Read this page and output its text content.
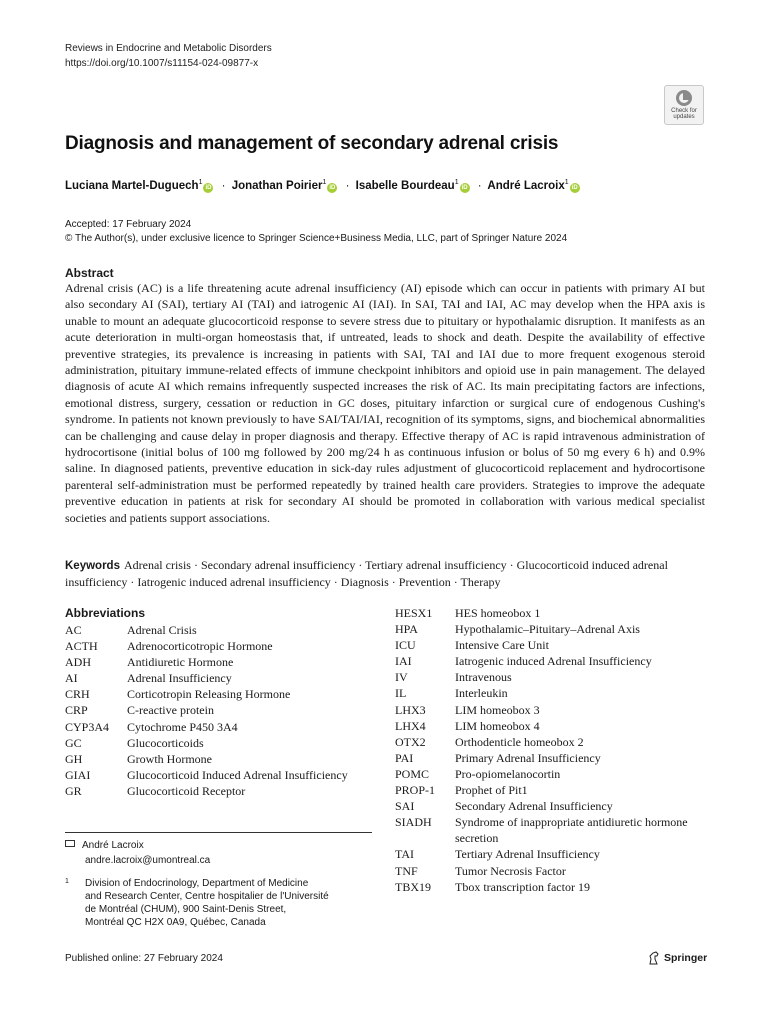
Reviews in Endocrine and Metabolic Disorders
https://doi.org/10.1007/s11154-024-09877-x
Check for
updates
Diagnosis and management of secondary adrenal crisis
Luciana Martel-Duguech$^1$iD · Jonathan Poirier$^1$iD · Isabelle Bourdeau$^1$iD · André Lacroix$^1$iD
Accepted: 17 February 2024
© The Author(s), under exclusive licence to Springer Science+Business Media, LLC, part of Springer Nature 2024
Abstract

Adrenal crisis (AC) is a life threatening acute adrenal insufficiency (AI) episode which can occur in patients with primary AI but also secondary AI (SAI), tertiary AI (TAI) and iatrogenic AI (IAI). In SAI, TAI and IAI, AC may develop when the HPA axis is unable to mount an adequate glucocorticoid response to severe stress due to pituitary or hypothalamic disruption. It manifests as an acute deterioration in multi-organ homeostasis that, if untreated, leads to shock and death. Despite the availability of effective preventive strategies, its prevalence is increasing in patients with SAI, TAI and IAI due to more frequent exogenous steroid administration, pituitary immune-related effects of immune checkpoint inhibitors and opioid use in pain management. The delayed diagnosis of acute AI which remains infrequently suspected increases the risk of AC. Its main precipitating factors are infections, emotional distress, surgery, cessation or reduction in GC doses, pituitary infarction or surgical cure of endogenous Cushing's syndrome. In patients not known previously to have SAI/TAI/IAI, recognition of its symptoms, signs, and biochemical abnormalities can be challenging and cause delay in proper diagnosis and therapy. Effective therapy of AC is rapid intravenous administration of hydrocortisone (initial bolus of 100 mg followed by 200 mg/24 h as continuous infusion or bolus of 50 mg every 6 h) and 0.9% saline. In diagnosed patients, preventive education in sick-day rules adjustment of glucocorticoid replacement and hydrocortisone parenteral self-administration must be performed repeatedly by trained health care providers. Strategies to improve the adequate preventive education in patients at risk for secondary AI should be promoted in collaboration with various medical specialist societies and patients support associations.

Keywords Adrenal crisis · Secondary adrenal insufficiency · Tertiary adrenal insufficiency · Glucocorticoid induced adrenal insufficiency · Iatrogenic induced adrenal insufficiency · Diagnosis · Prevention · Therapy
Abbreviations
AC	Adrenal Crisis
ACTH	Adrenocorticotropic Hormone
ADH	Antidiuretic Hormone
AI	Adrenal Insufficiency
CRH	Corticotropin Releasing Hormone
CRP	C-reactive protein
CYP3A4	Cytochrome P450 3A4
GC	Glucocorticoids
GH	Growth Hormone
GIAI	Glucocorticoid Induced Adrenal Insufficiency
GR	Glucocorticoid Receptor
HESX1	HES homeobox 1
HPA	Hypothalamic–Pituitary–Adrenal Axis
ICU	Intensive Care Unit
IAI	Iatrogenic induced Adrenal Insufficiency
IV	Intravenous
IL	Interleukin
LHX3	LIM homeobox 3
LHX4	LIM homeobox 4
OTX2	Orthodenticle homeobox 2
PAI	Primary Adrenal Insufficiency
POMC	Pro-opiomelanocortin
PROP-1	Prophet of Pit1
SAI	Secondary Adrenal Insufficiency
SIADH	Syndrome of inappropriate antidiuretic hormone secretion
TAI	Tertiary Adrenal Insufficiency
TNF	Tumor Necrosis Factor
TBX19	Tbox transcription factor 19
André Lacroix
andre.lacroix@umontreal.ca
1	Division of Endocrinology, Department of Medicine
and Research Center, Centre hospitalier de l'Université
de Montréal (CHUM), 900 Saint-Denis Street,
Montréal QC H2X 0A9, Québec, Canada
Published online: 27 February 2024	Springer
